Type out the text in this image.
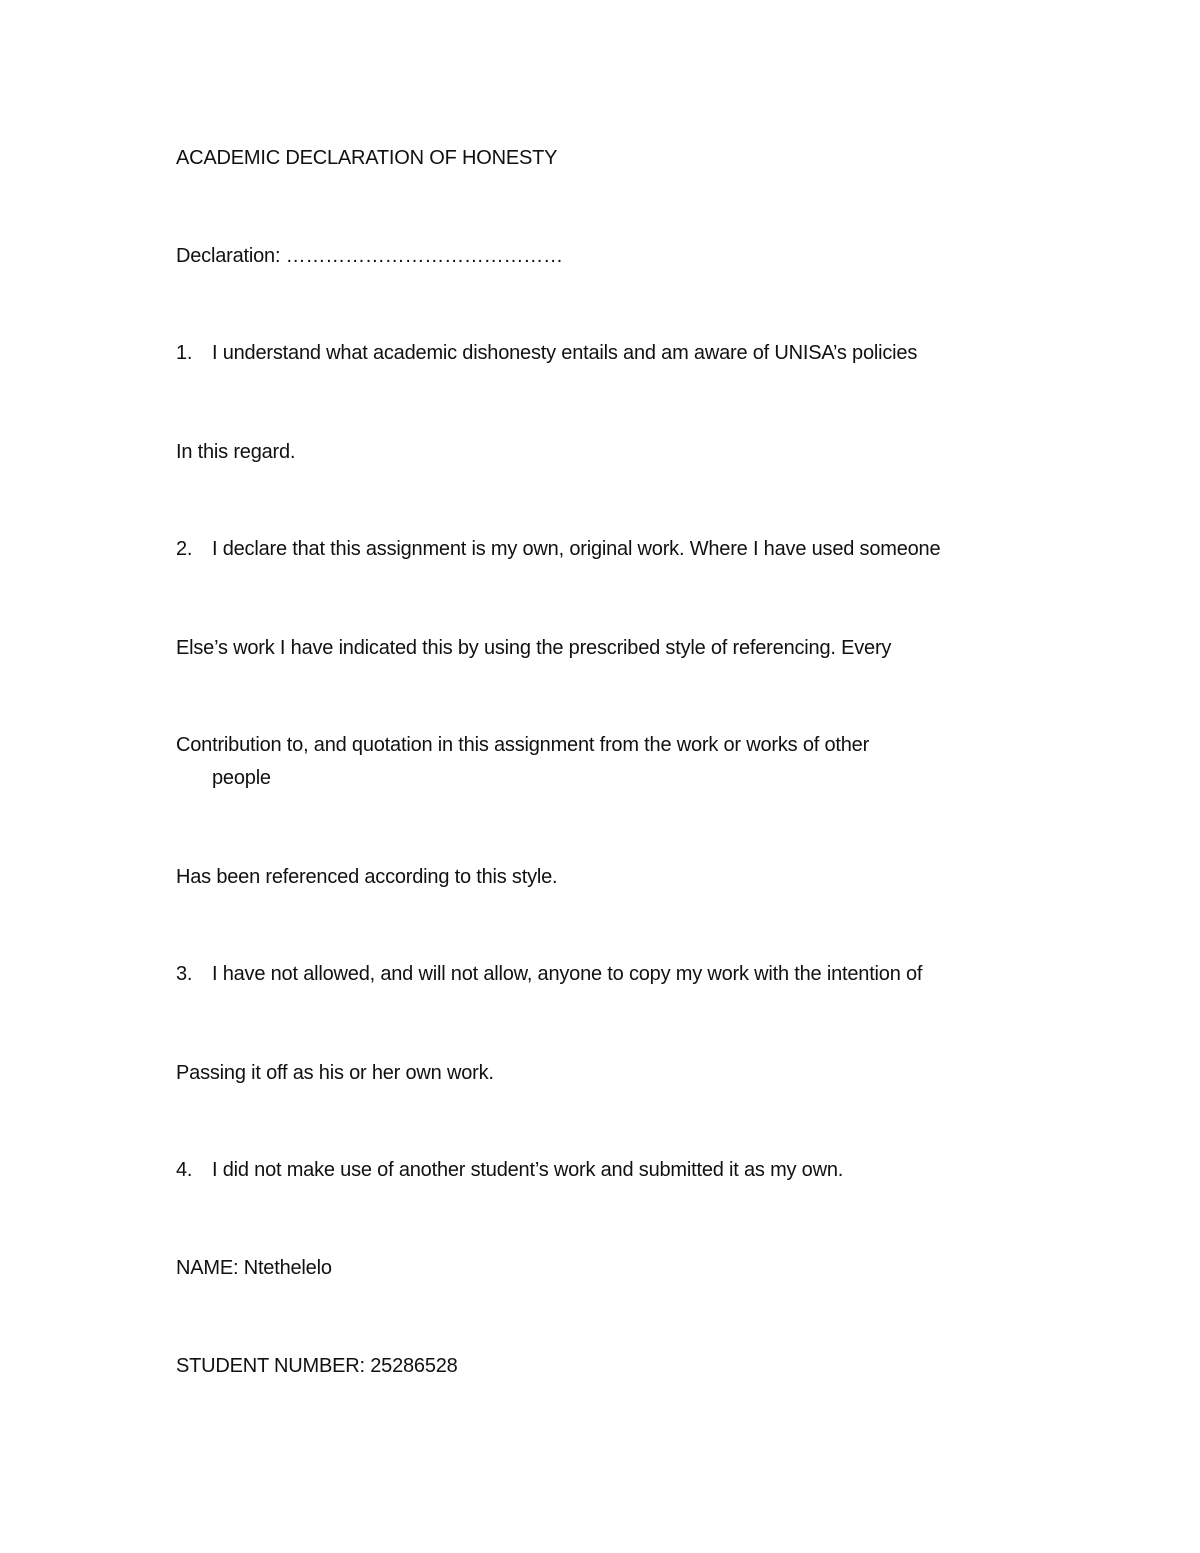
ACADEMIC DECLARATION OF HONESTY
Declaration: ……………………………………
1. I understand what academic dishonesty entails and am aware of UNISA’s policies
In this regard.
2. I declare that this assignment is my own, original work. Where I have used someone
Else’s work I have indicated this by using the prescribed style of referencing. Every
Contribution to, and quotation in this assignment from the work or works of other
people
Has been referenced according to this style.
3. I have not allowed, and will not allow, anyone to copy my work with the intention of
Passing it off as his or her own work.
4. I did not make use of another student’s work and submitted it as my own.
NAME: Ntethelelo
STUDENT NUMBER: 25286528
